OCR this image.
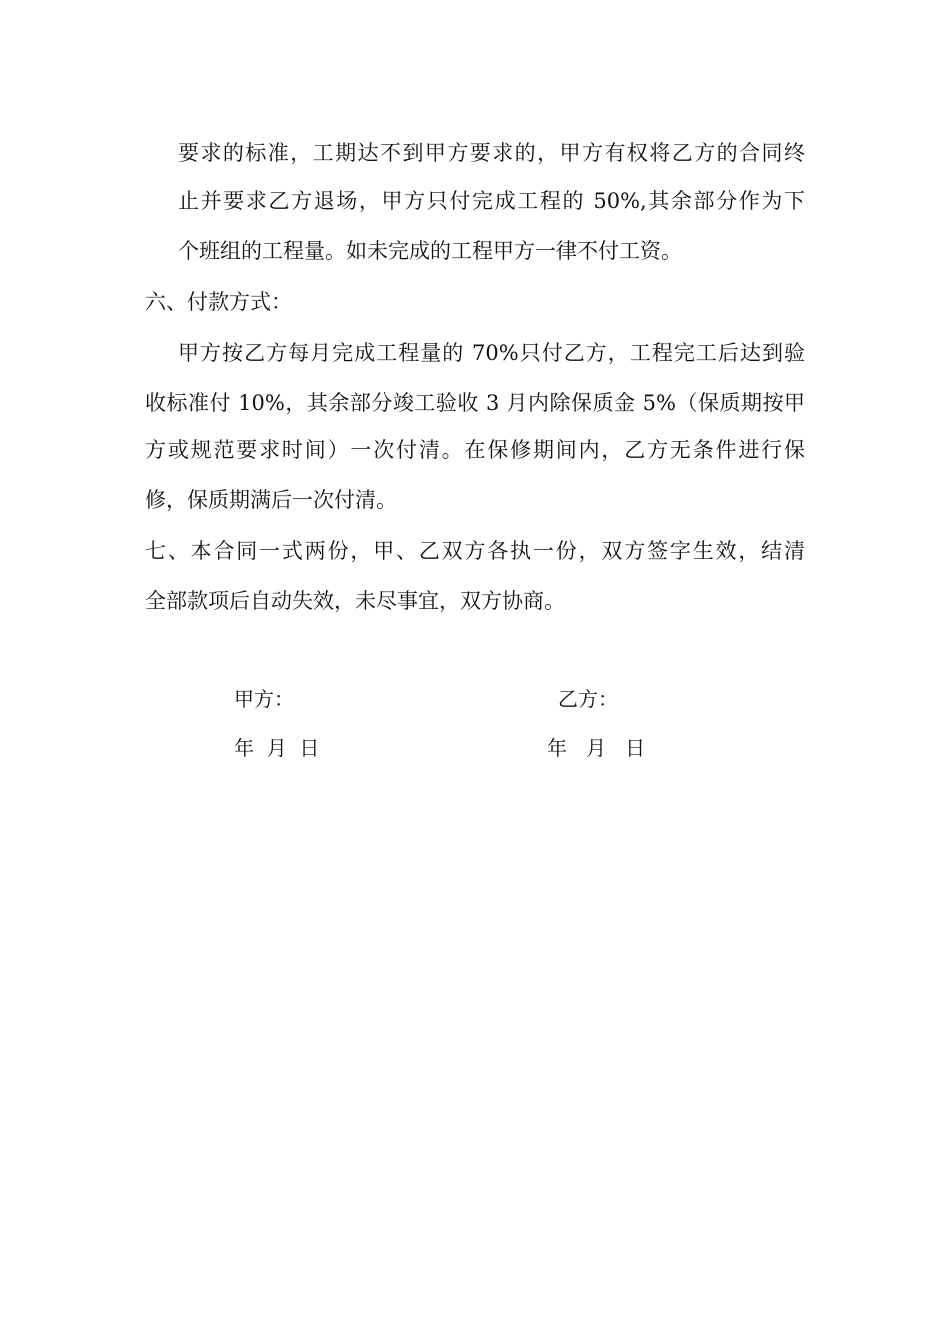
要求的标准，工期达不到甲方要求的，甲方有权将乙方的合同终
止并要求乙方退场，甲方只付完成工程的 50%,其余部分作为下
个班组的工程量。如未完成的工程甲方一律不付工资。
六、付款方式：
甲方按乙方每月完成工程量的 70%只付乙方，工程完工后达到验
收标准付 10%，其余部分竣工验收 3 月内除保质金 5%（保质期按甲
方或规范要求时间）一次付清。在保修期间内，乙方无条件进行保
修，保质期满后一次付清。
七、本合同一式两份，甲、乙双方各执一份，双方签字生效，结清
全部款项后自动失效，未尽事宜，双方协商。
甲方：	乙方：
年  月  日	年   月   日
